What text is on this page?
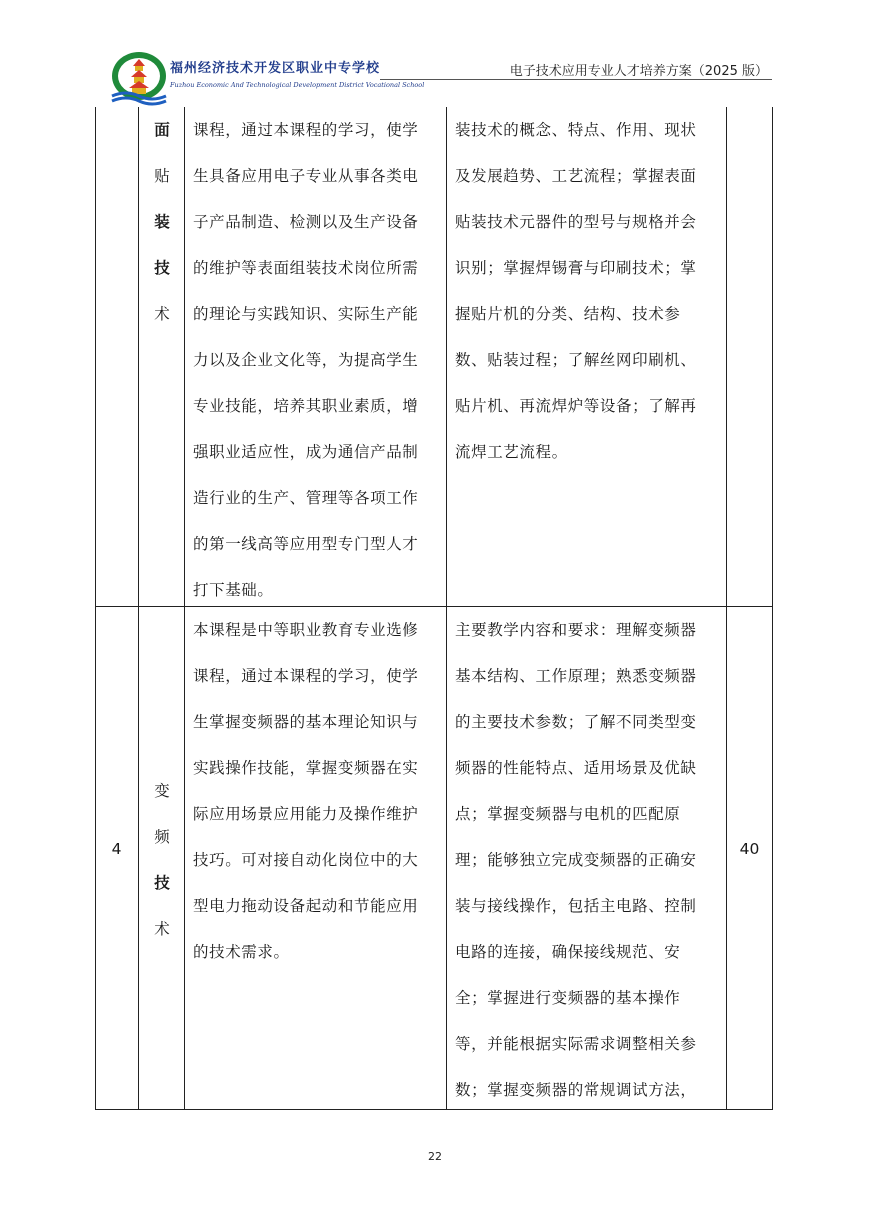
福州经济技术开发区职业中专学校
Fuzhou Economic And Technological Development District Vocational School
电子技术应用专业人才培养方案（2025 版）
面
贴
装
技
术
课程，通过本课程的学习，使学
生具备应用电子专业从事各类电
子产品制造、检测以及生产设备
的维护等表面组装技术岗位所需
的理论与实践知识、实际生产能
力以及企业文化等，为提高学生
专业技能，培养其职业素质，增
强职业适应性，成为通信产品制
造行业的生产、管理等各项工作
的第一线高等应用型专门型人才
打下基础。
装技术的概念、特点、作用、现状
及发展趋势、工艺流程；掌握表面
贴装技术元器件的型号与规格并会
识别；掌握焊锡膏与印刷技术；掌
握贴片机的分类、结构、技术参
数、贴装过程；了解丝网印刷机、
贴片机、再流焊炉等设备；了解再
流焊工艺流程。
4
变
频
技
术
本课程是中等职业教育专业选修
课程，通过本课程的学习，使学
生掌握变频器的基本理论知识与
实践操作技能，掌握变频器在实
际应用场景应用能力及操作维护
技巧。可对接自动化岗位中的大
型电力拖动设备起动和节能应用
的技术需求。
主要教学内容和要求：理解变频器
基本结构、工作原理；熟悉变频器
的主要技术参数；了解不同类型变
频器的性能特点、适用场景及优缺
点；掌握变频器与电机的匹配原
理；能够独立完成变频器的正确安
装与接线操作，包括主电路、控制
电路的连接，确保接线规范、安
全；掌握进行变频器的基本操作
等，并能根据实际需求调整相关参
数；掌握变频器的常规调试方法，
40
22
